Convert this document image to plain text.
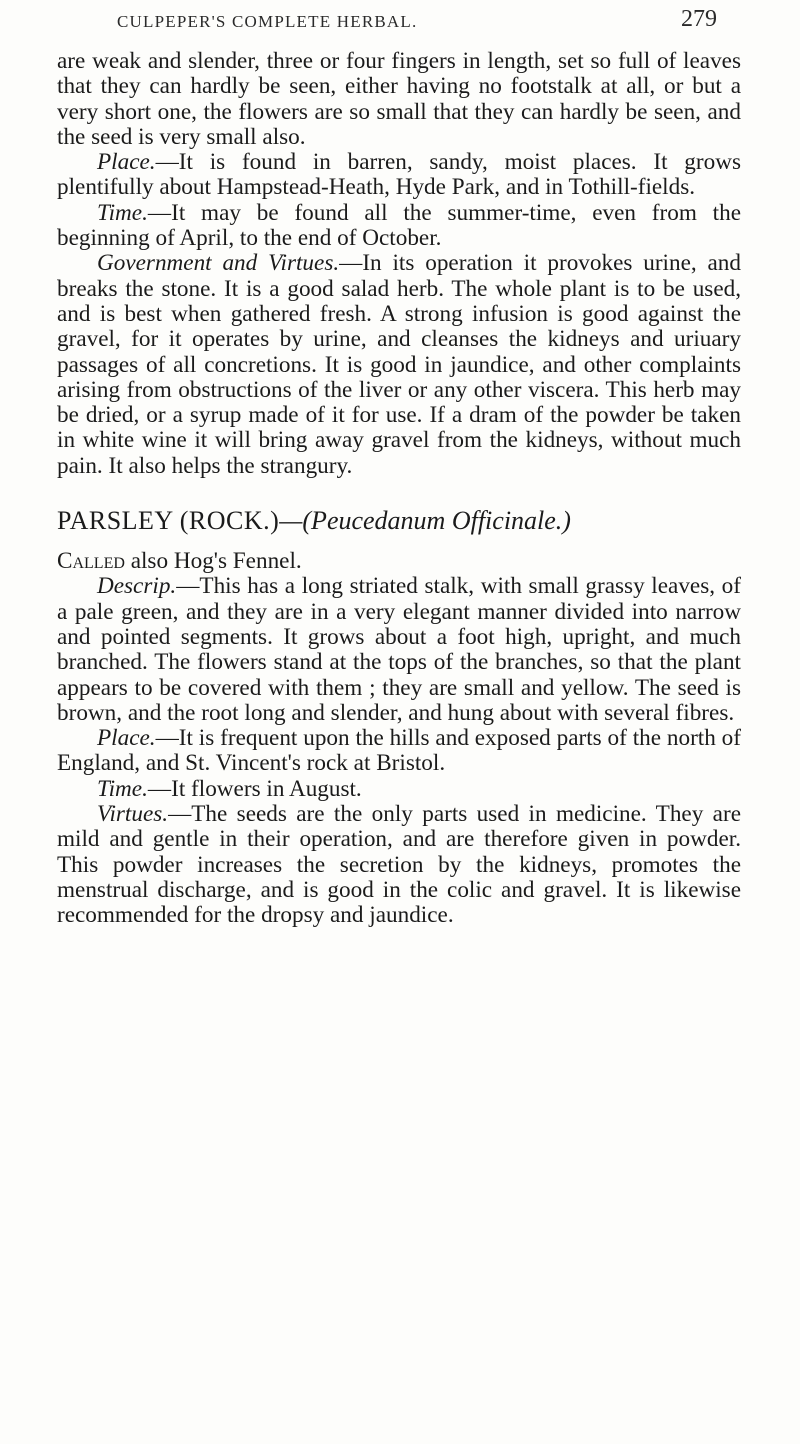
CULPEPER'S COMPLETE HERBAL.	279

are weak and slender, three or four fingers in length, set so full of leaves that they can hardly be seen, either having no footstalk at all, or but a very short one, the flowers are so small that they can hardly be seen, and the seed is very small also.

Place.—It is found in barren, sandy, moist places. It grows plentifully about Hampstead-Heath, Hyde Park, and in Tothill-fields.

Time.—It may be found all the summer-time, even from the beginning of April, to the end of October.

Government and Virtues.—In its operation it provokes urine, and breaks the stone. It is a good salad herb. The whole plant is to be used, and is best when gathered fresh. A strong infusion is good against the gravel, for it operates by urine, and cleanses the kidneys and uriuary passages of all concretions. It is good in jaundice, and other complaints arising from obstructions of the liver or any other viscera. This herb may be dried, or a syrup made of it for use. If a dram of the powder be taken in white wine it will bring away gravel from the kidneys, without much pain. It also helps the strangury.

PARSLEY (ROCK.)—(Peucedanum Officinale.)

Called also Hog's Fennel.

Descrip.—This has a long striated stalk, with small grassy leaves, of a pale green, and they are in a very elegant manner divided into narrow and pointed segments. It grows about a foot high, upright, and much branched. The flowers stand at the tops of the branches, so that the plant appears to be covered with them ; they are small and yellow. The seed is brown, and the root long and slender, and hung about with several fibres.

Place.—It is frequent upon the hills and exposed parts of the north of England, and St. Vincent's rock at Bristol.

Time.—It flowers in August.

Virtues.—The seeds are the only parts used in medicine. They are mild and gentle in their operation, and are therefore given in powder. This powder increases the secretion by the kidneys, promotes the menstrual discharge, and is good in the colic and gravel. It is likewise recommended for the dropsy and jaundice.
